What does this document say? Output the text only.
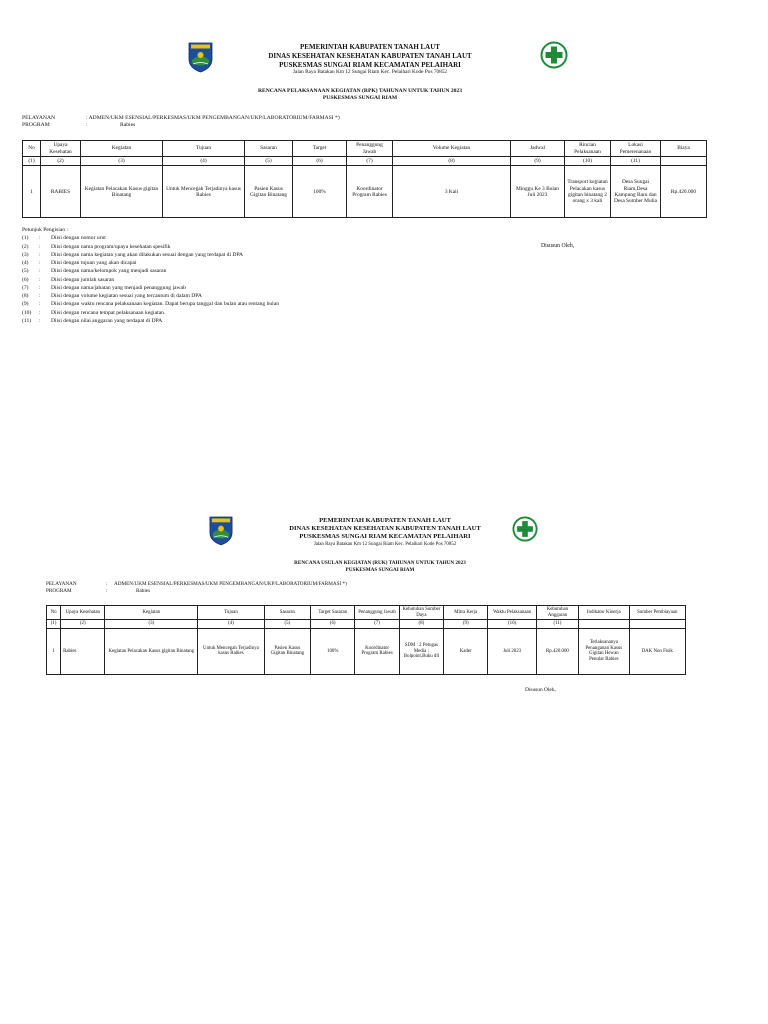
PEMERINTAH KABUPATEN TANAH LAUT
DINAS KESEHATAN KESEHATAN KABUPATEN TANAH LAUT
PUSKESMAS SUNGAI RIAM KECAMATAN PELAIHARI
Jalan Raya Batakan Km 12 Sungai Riam Kec. Pelaihari Kode Pos 70852
RENCANA PELAKSANAAN KEGIATAN (RPK) TAHUNAN UNTUK TAHUN 2023
PUSKESMAS SUNGAI RIAM
PELAYANAN	: ADMEN/UKM ESENSIAL/PERKESMAS/UKM PENGEMBANGAN/UKP/LABORATORIUM/FARMASI *)
PROGRAM	:	Rabies
No	Upaya Kesehatan	Kegiatan	Tujuan	Sasaran	Target	Penanggung Jawab	Volume Kegiatan	Jadwal	Rincian Pelaksanaan	Lokasi Pemerenanaan	Biaya
(1)	(2)	(3)	(4)	(5)	(6)	(7)	(8)	(9)	(10)	(11)	
1	RABIES	Kegiatan Pelacakan Kasus gigitan Binatang	Untuk Mencegah Terjadinya kasus Rabies	Pasien Kasus Gigitan Binatang	100%	Koordinator Program Rabies	3 Kali	Minggu Ke 3 Bulan Juli 2023	Transport kegiatan Pelacakan kasus gigitan binatang 2 orang x 3 kali	Desa Sungai Riam,Desa Kampung Baru dan Desa Sumber Mulia	Rp.420.000
Petunjuk Pengisian :
(1)	:	Diisi dengan nomor urut
(2)	:	Diisi dengan nama program/upaya kesehatan spesifik
(3)	:	Diisi dengan nama kegiatan yang akan dilakukan sesuai dengan yang terdapat di DPA
(4)	:	Diisi dengan tujuan yang akan dicapai
(5)	:	Diisi dengan nama/kelompok yang menjadi sasaran
(6)	:	Diisi dengan jumlah sasaran
(7)	:	Diisi dengan nama/jabatan yang menjadi penanggung jawab
(8)	:	Diisi dengan volume kegiatan sesuai yang tercantum di dalam DPA
(9)	:	Diisi dengan waktu rencana pelaksanaan kegiatan. Dapat berupa tanggal dan bulan atau rentang bulan
(10)	:	Diisi dengan rencana tempat pelaksanaan kegiatan.
(11)	:	Diisi dengan nilai anggaran yang terdapat di DPA
Disusun Oleh,
PEMERINTAH KABUPATEN TANAH LAUT
DINAS KESEHATAN KESEHATAN KABUPATEN TANAH LAUT
PUSKESMAS SUNGAI RIAM KECAMATAN PELAIHARI
Jalan Raya Batakan Km 12 Sungai Riam Kec. Pelaihari Kode Pos 70852
RENCANA USULAN KEGIATAN (RUK) TAHUNAN UNTUK TAHUN 2023
PUSKESMAS SUNGAI RIAM
PELAYANAN	:	ADMEN/UKM ESENSIAL/PERKESMAS/UKM PENGEMBANGAN/UKP/LABORATORIUM/FARMASI *)
PROGRAM	:	Rabies
No	Upaya Kesehatan	Kegiatan	Tujuan	Sasaran	Target Sasaran	Penanggung Jawab	Kebutuhan Sumber Daya	Mitra Kerja	Waktu Pelaksanaan	Kebutuhan Anggaran	Indikator Kinerja	Sumber Pembiayaan
(1)	(2)	(3)	(4)	(5)	(6)	(7)	(8)	(9)	(10)	(11)		
1	Rabies	Kegiatan Pelacakan Kasus gigitan Binatang	Untuk Mencegah Terjadinya kasus Rabies	Pasien Kasus Gigitan Binatang	100%	Koordinator Program Rabies	SDM : 2 Petugas Media : Bolpoint,Buku dll	Kader	Juli 2023	Rp.420.000	Terlaksananya Penanganan Kasus Gigitan Hewan Penular Rabies	DAK Non Fisik
Disusun Oleh,
